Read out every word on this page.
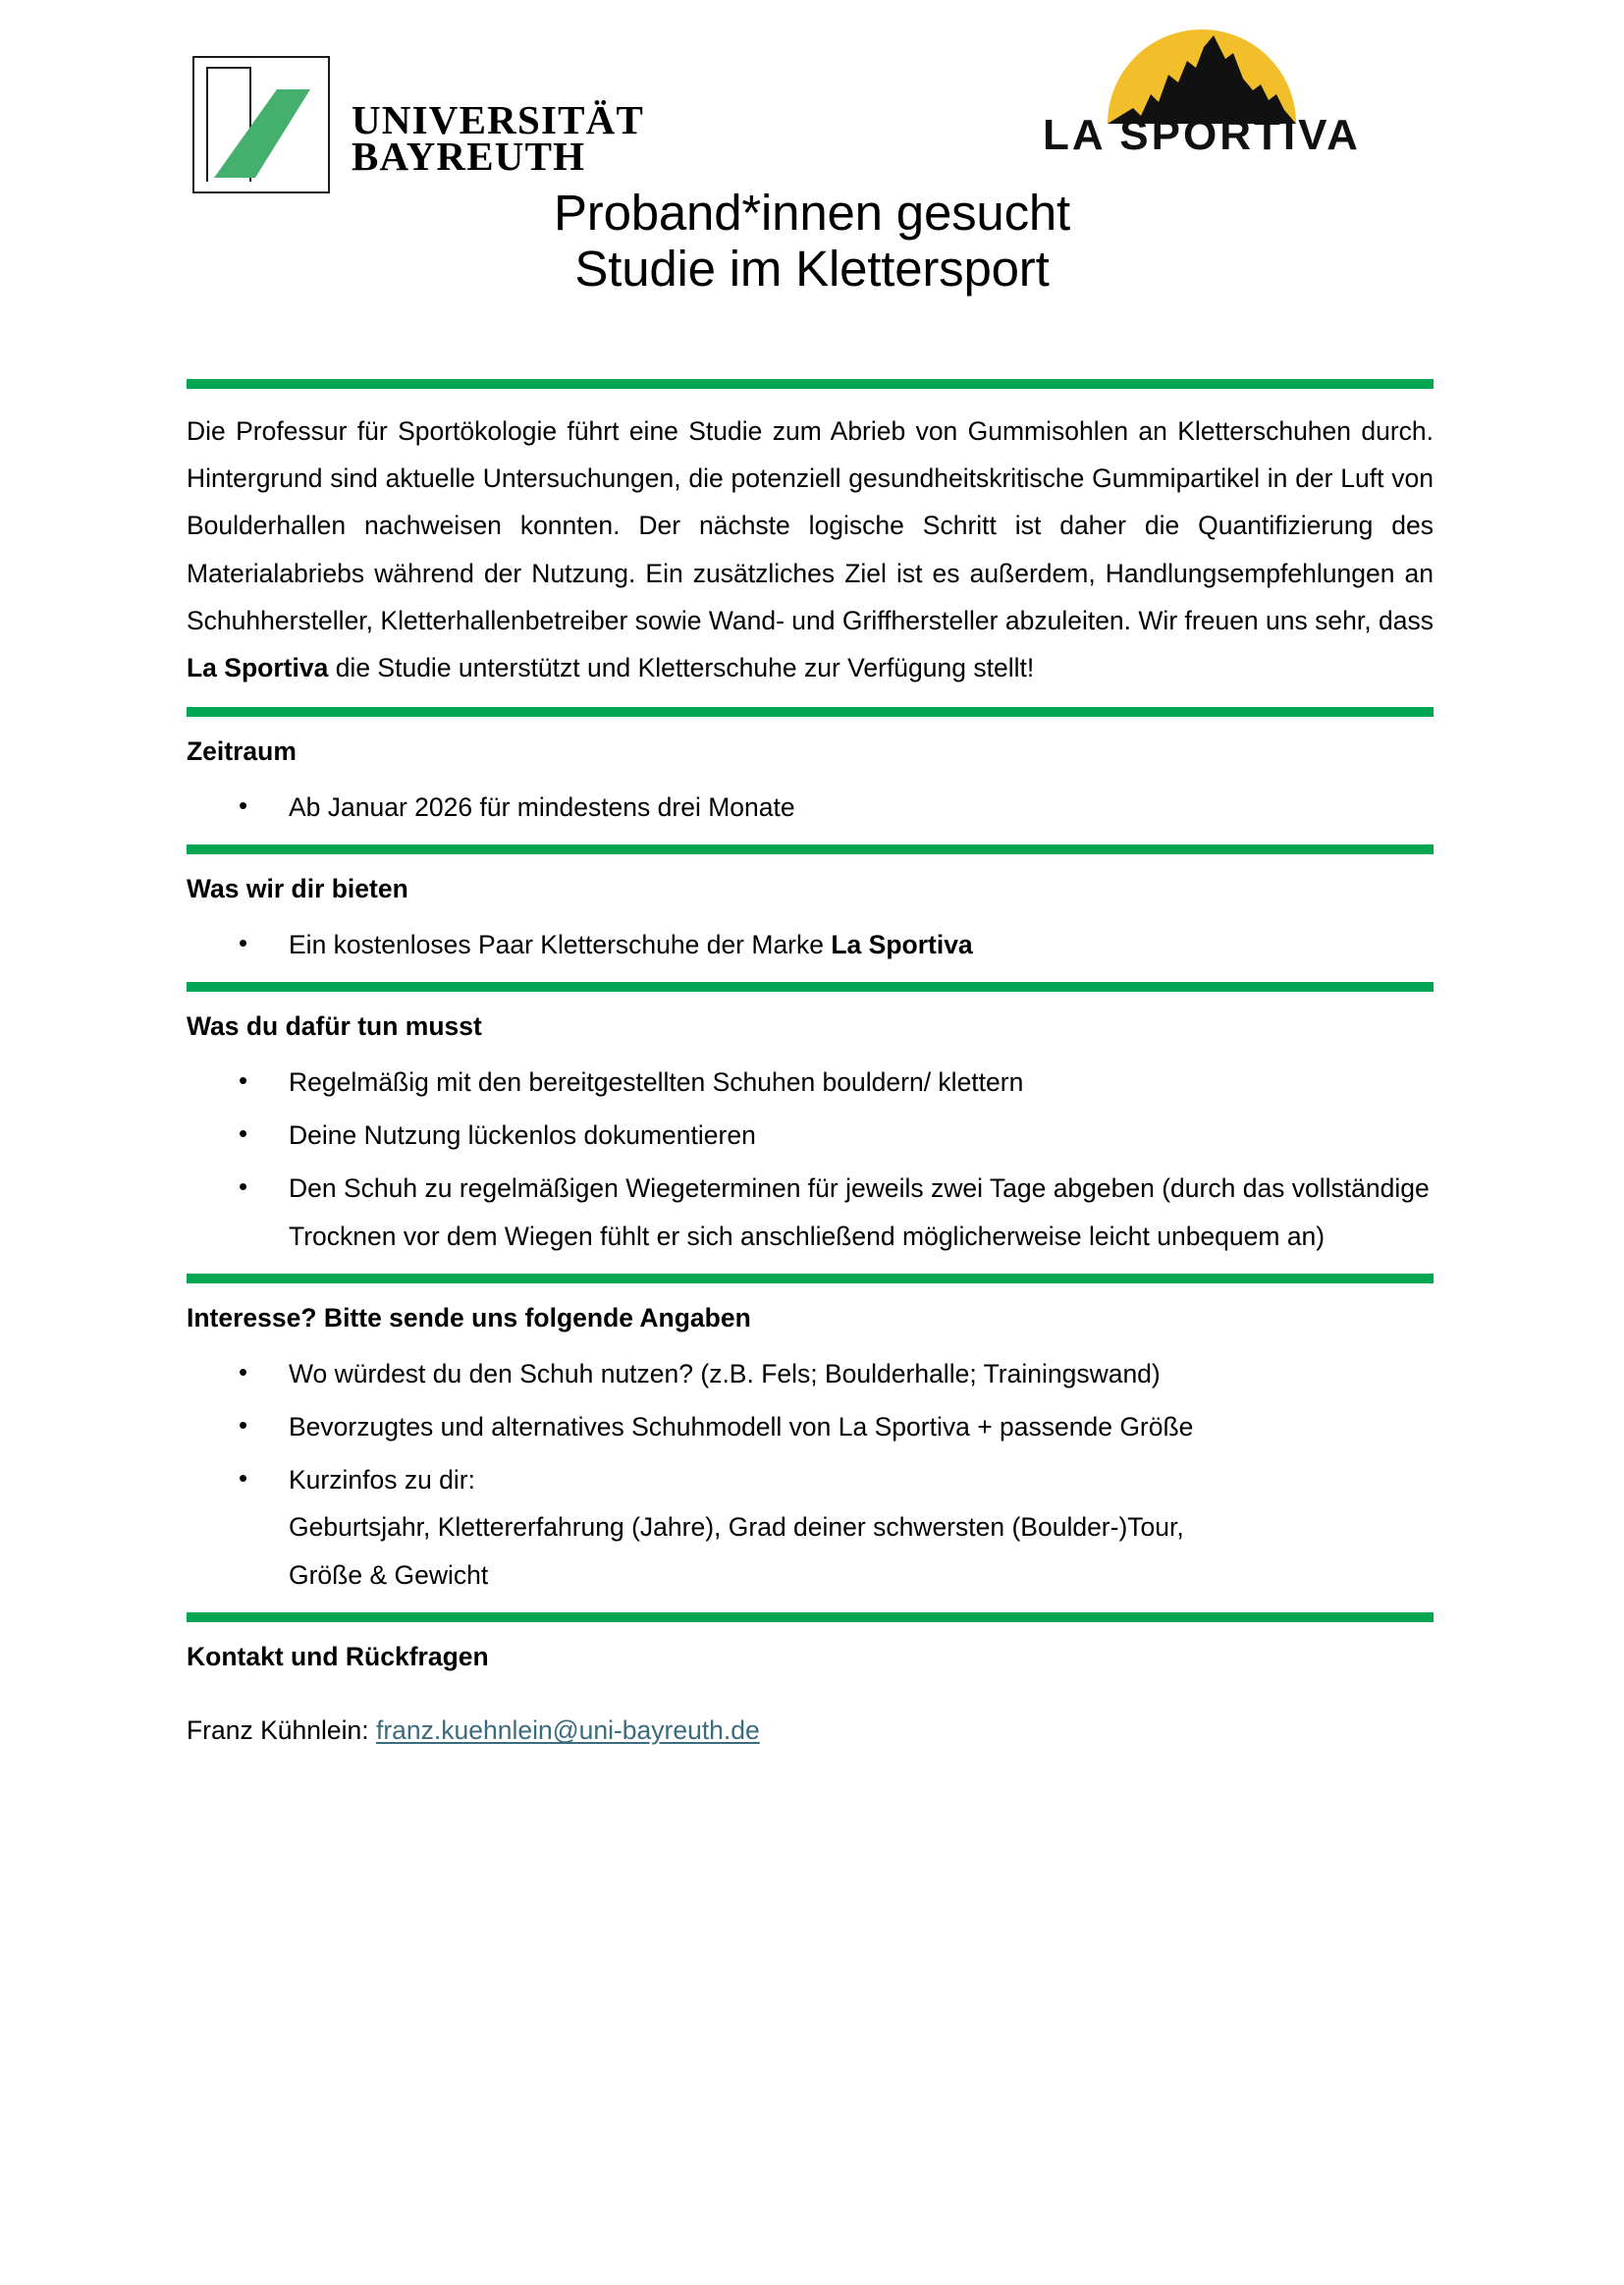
UNIVERSITÄT
BAYREUTH	LA SPORTIVA
Proband*innen gesucht
Studie im Klettersport

Die Professur für Sportökologie führt eine Studie zum Abrieb von Gummisohlen an Kletterschuhen durch. Hintergrund sind aktuelle Untersuchungen, die potenziell gesundheitskritische Gummipartikel in der Luft von Boulderhallen nachweisen konnten. Der nächste logische Schritt ist daher die Quantifizierung des Materialabriebs während der Nutzung. Ein zusätzliches Ziel ist es außerdem, Handlungsempfehlungen an Schuhhersteller, Kletterhallenbetreiber sowie Wand- und Griffhersteller abzuleiten. Wir freuen uns sehr, dass La Sportiva die Studie unterstützt und Kletterschuhe zur Verfügung stellt!

Zeitraum
• Ab Januar 2026 für mindestens drei Monate
Was wir dir bieten
• Ein kostenloses Paar Kletterschuhe der Marke La Sportiva
Was du dafür tun musst
• Regelmäßig mit den bereitgestellten Schuhen bouldern/ klettern
• Deine Nutzung lückenlos dokumentieren
• Den Schuh zu regelmäßigen Wiegeterminen für jeweils zwei Tage abgeben (durch das vollständige Trocknen vor dem Wiegen fühlt er sich anschließend möglicherweise leicht unbequem an)
Interesse? Bitte sende uns folgende Angaben
• Wo würdest du den Schuh nutzen? (z.B. Fels; Boulderhalle; Trainingswand)
• Bevorzugtes und alternatives Schuhmodell von La Sportiva + passende Größe
• Kurzinfos zu dir:
Geburtsjahr, Klettererfahrung (Jahre), Grad deiner schwersten (Boulder-)Tour,
Größe & Gewicht
Kontakt und Rückfragen

Franz Kühnlein: franz.kuehnlein@uni-bayreuth.de
